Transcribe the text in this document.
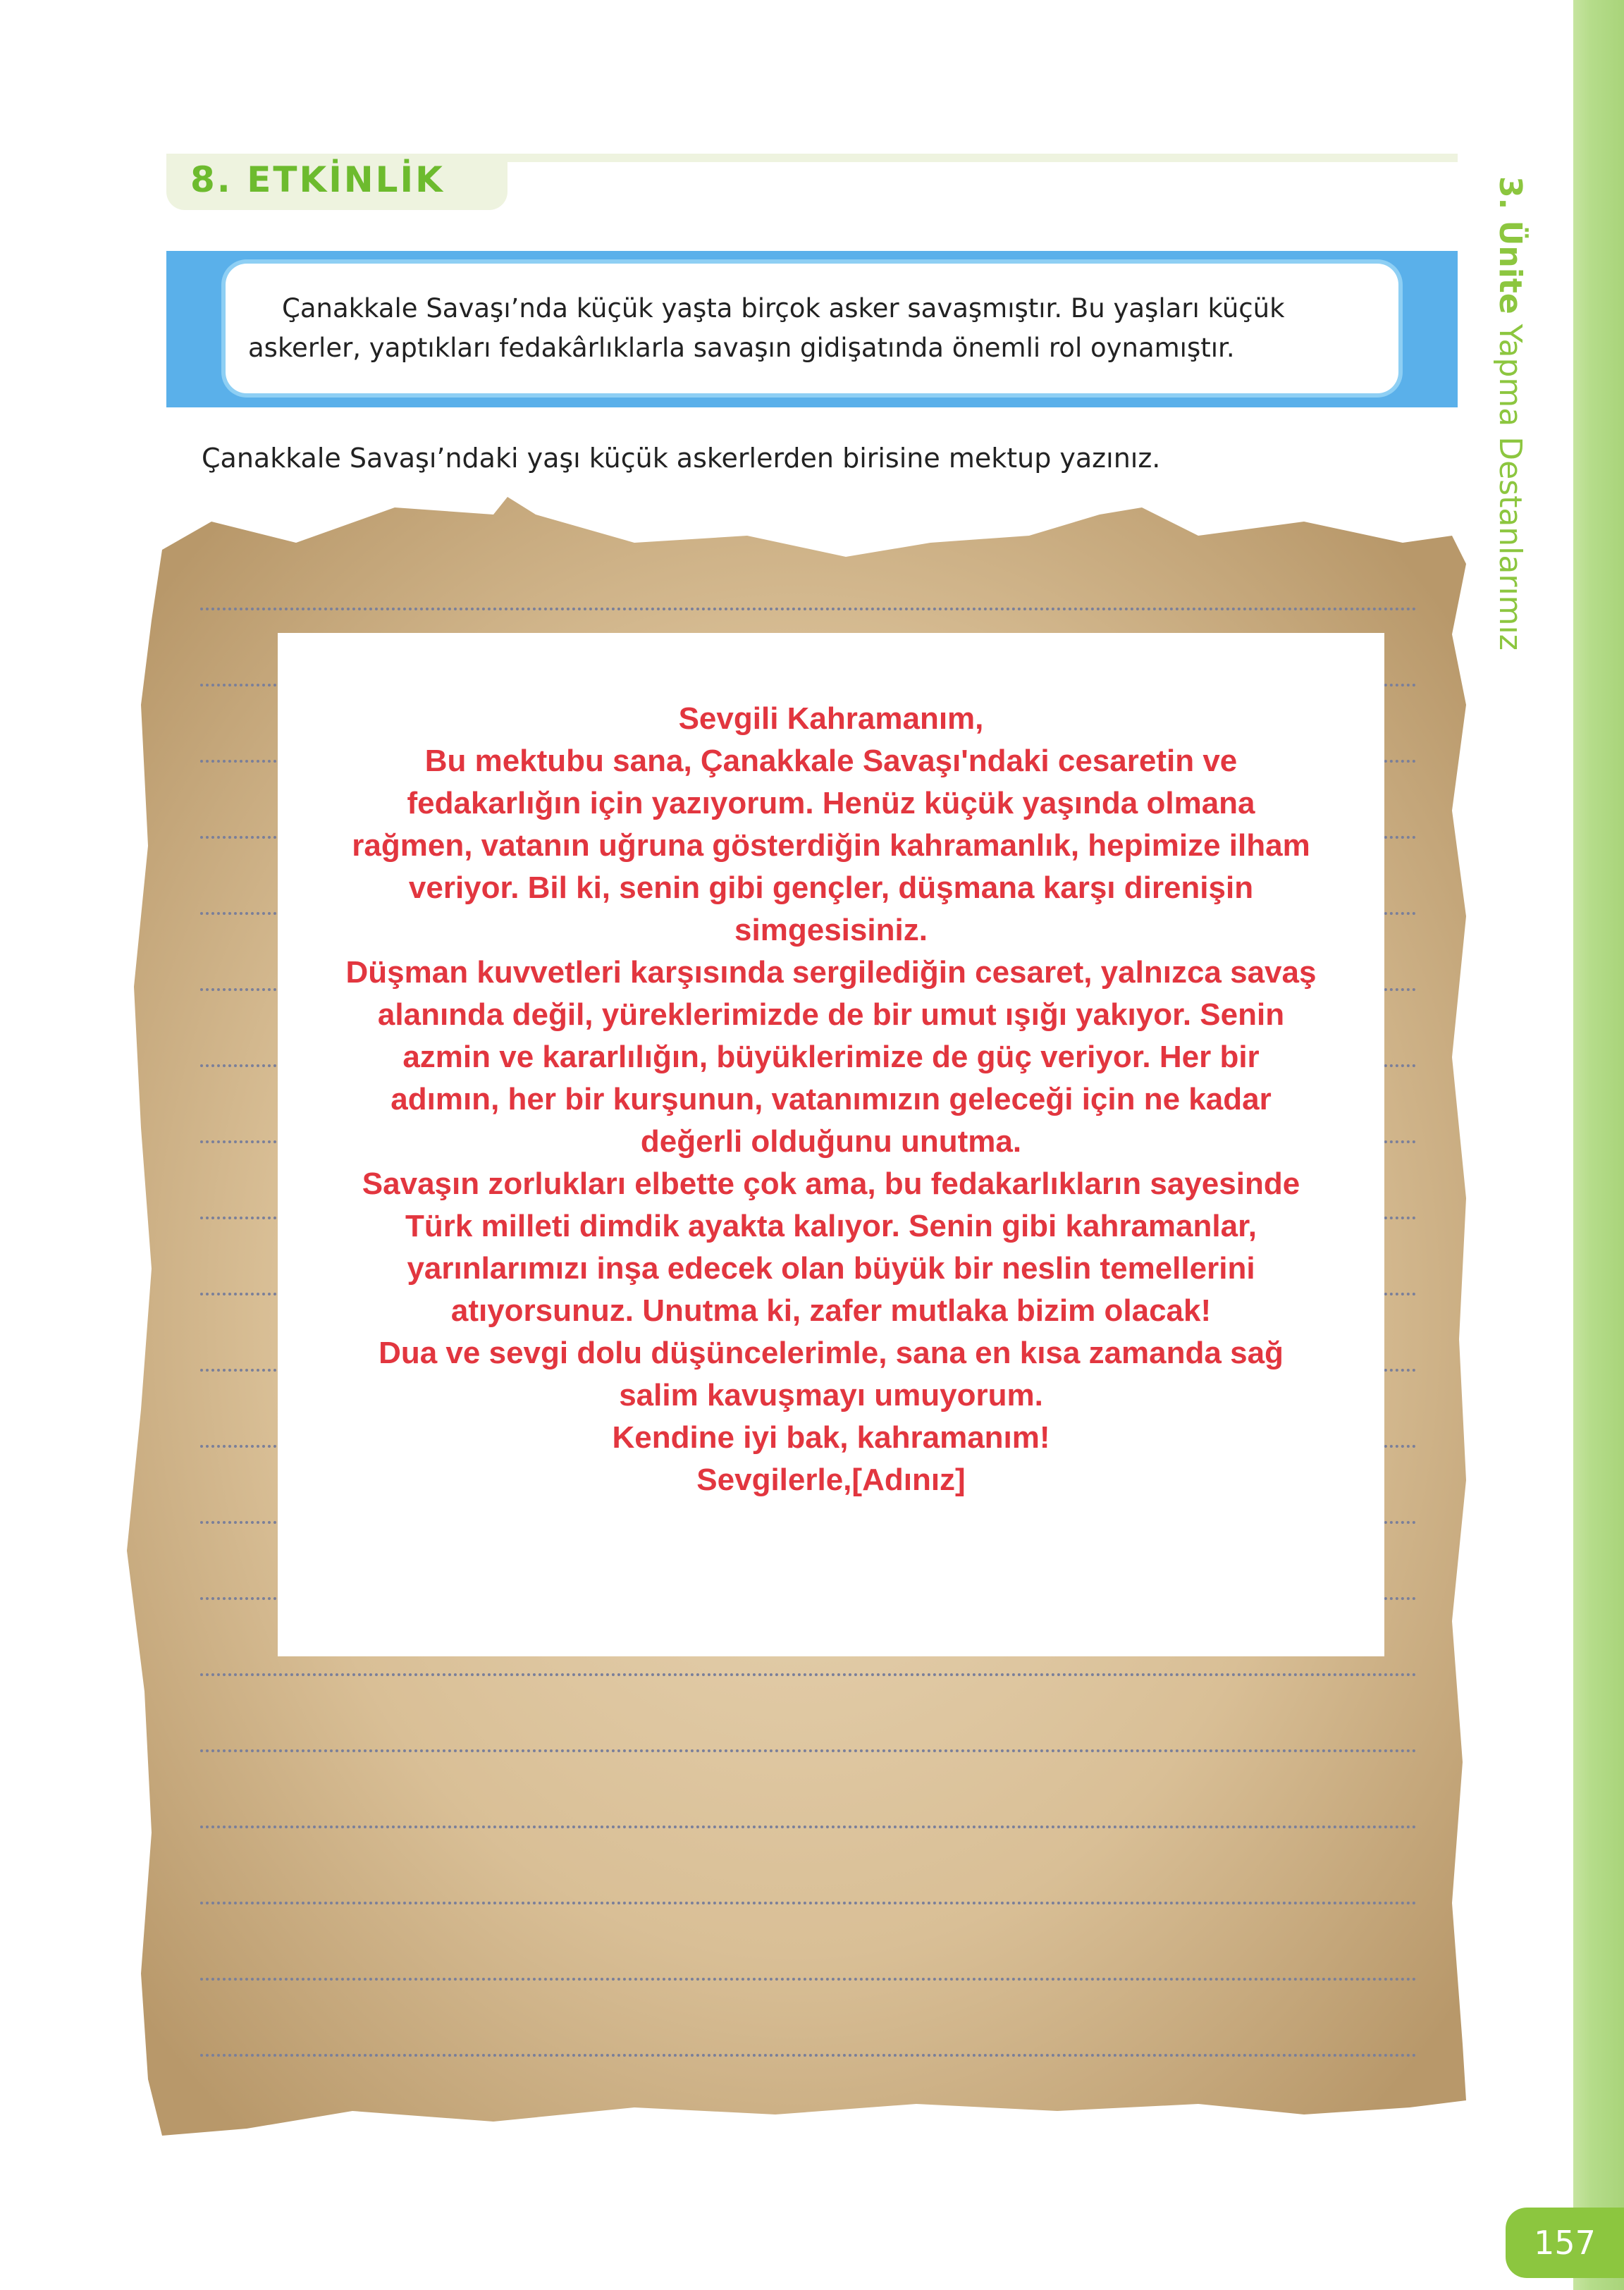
3. Ünite Yapma Destanlarımız
157
8. ETKİNLİK
Çanakkale Savaşı’nda küçük yaşta birçok asker savaşmıştır. Bu yaşları küçük askerler, yaptıkları fedakârlıklarla savaşın gidişatında önemli rol oynamıştır.
Çanakkale Savaşı’ndaki yaşı küçük askerlerden birisine mektup yazınız.
Sevgili Kahramanım,
Bu mektubu sana, Çanakkale Savaşı'ndaki cesaretin ve
fedakarlığın için yazıyorum. Henüz küçük yaşında olmana
rağmen, vatanın uğruna gösterdiğin kahramanlık, hepimize ilham
veriyor. Bil ki, senin gibi gençler, düşmana karşı direnişin
simgesisiniz.
Düşman kuvvetleri karşısında sergilediğin cesaret, yalnızca savaş
alanında değil, yüreklerimizde de bir umut ışığı yakıyor. Senin
azmin ve kararlılığın, büyüklerimize de güç veriyor. Her bir
adımın, her bir kurşunun, vatanımızın geleceği için ne kadar
değerli olduğunu unutma.
Savaşın zorlukları elbette çok ama, bu fedakarlıkların sayesinde
Türk milleti dimdik ayakta kalıyor. Senin gibi kahramanlar,
yarınlarımızı inşa edecek olan büyük bir neslin temellerini
atıyorsunuz. Unutma ki, zafer mutlaka bizim olacak!
Dua ve sevgi dolu düşüncelerimle, sana en kısa zamanda sağ
salim kavuşmayı umuyorum.
Kendine iyi bak, kahramanım!
Sevgilerle,[Adınız]
